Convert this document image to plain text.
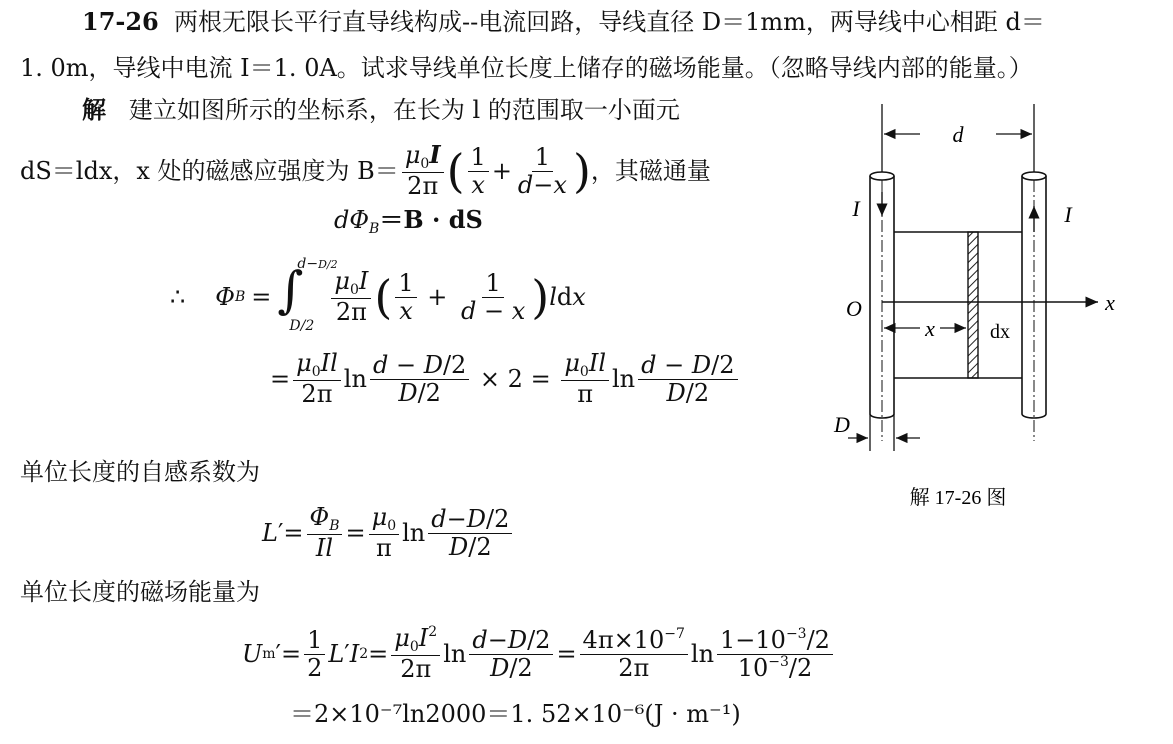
17-26 两根无限长平行直导线构成--电流回路，导线直径 D＝1mm，两导线中心相距 d＝
1. 0m，导线中电流 I＝1. 0A。试求导线单位长度上储存的磁场能量。（忽略导线内部的能量。）
解 建立如图所示的坐标系，在长为 l 的范围取一小面元
dS＝ldx，x 处的磁感应强度为 $B= \frac{\mu_0I}{2\pi}$ ( $\frac{1}{x} + \frac{1}{d-x}$ ) ，其磁通量
$d\Phi_B=B$ · dS
∴ Φ B = ∫
d−D/2
$D/2 \frac{\mu_0I}{2\pi}$ ( $\frac{1}{x} + \frac{1}{d - x}$ ) l d x
= $\frac{\mu_0Il}{2\pi}$ $\ln \frac{d - D/2}{D/2} \times 2 = \frac{\mu_0Il}{\pi}$ $\ln \frac{d - D/2}{D/2}$
单位长度的自感系数为
L ′= $\frac{\Phi_B}{Il} = \frac{\mu_0}{\pi}$ $\ln \frac{d-D/2}{D/2}$
单位长度的磁场能量为
U m ′= $\frac{1}{2}$ L ′ I $2 = \frac{\mu_0I^2}{2\pi}$ $\ln \frac{d-D/2}{D/2} = \frac{4\pi\times 10^{-7}}{2\pi}$ $\ln \frac{1-10^{-3}/2}{10^{-3}/2}$
＝2×10⁻⁷ln2000＝1. 52×10⁻⁶(J · m⁻¹)
d
I	I
x
O
x	dx
D
解 17-26 图
